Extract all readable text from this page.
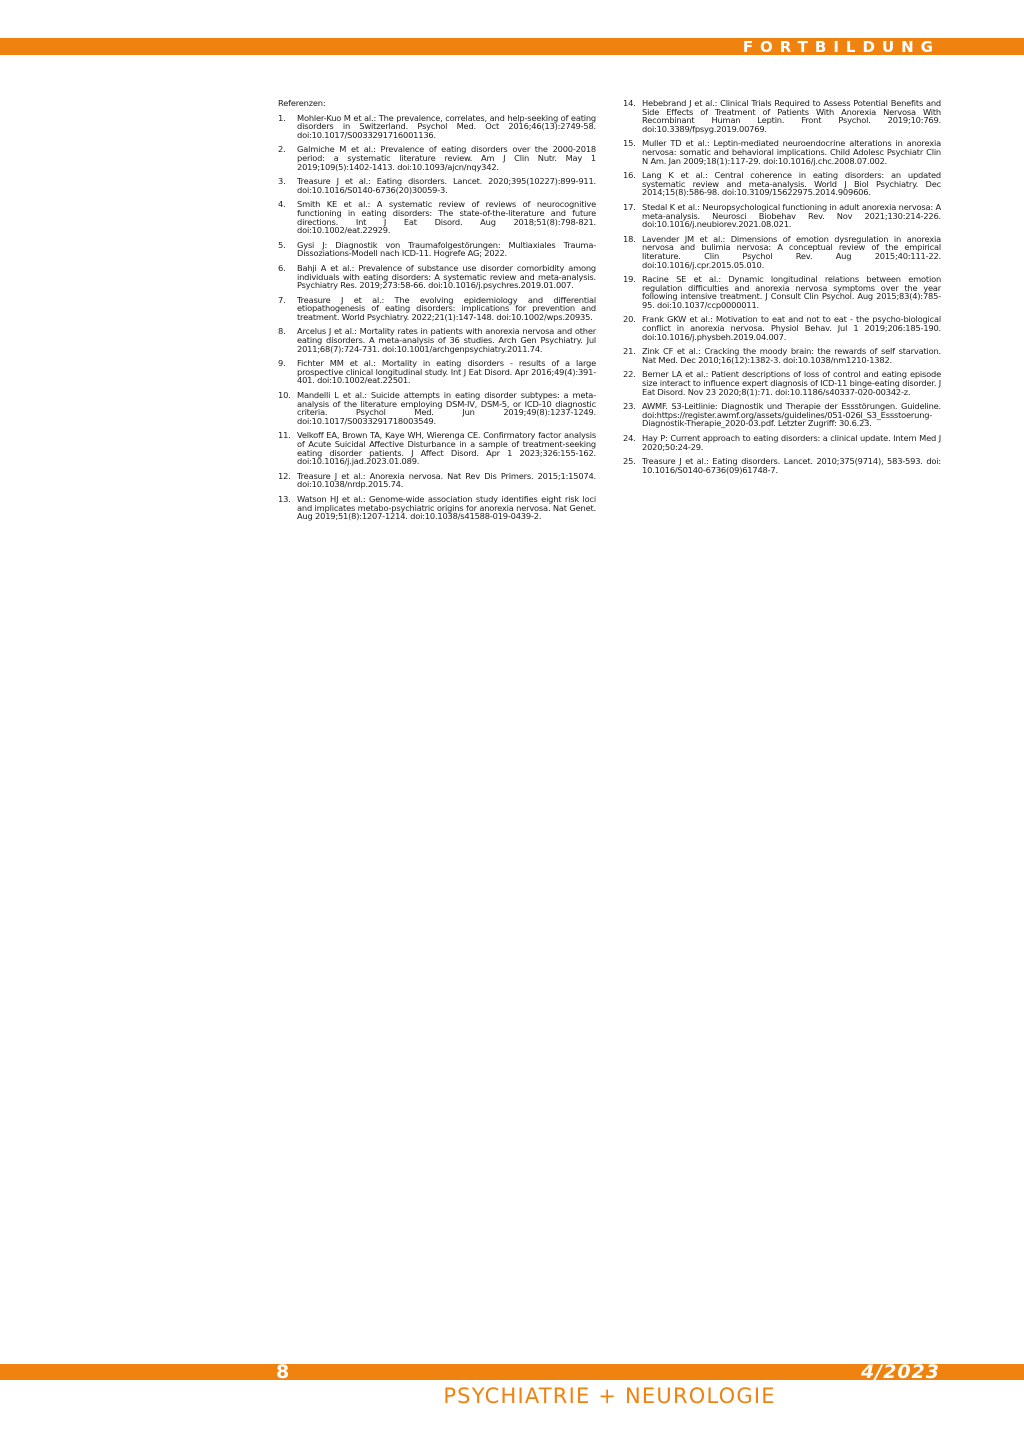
FORTBILDUNG
Referenzen:
1. Mohler-Kuo M et al.: The prevalence, correlates, and help-seeking of eating disorders in Switzerland. Psychol Med. Oct 2016;46(13):2749-58. doi:10.1017/S0033291716001136.
2. Galmiche M et al.: Prevalence of eating disorders over the 2000-2018 period: a systematic literature review. Am J Clin Nutr. May 1 2019;109(5):1402-1413. doi:10.1093/ajcn/nqy342.
3. Treasure J et al.: Eating disorders. Lancet. 2020;395(10227):899-911. doi:10.1016/S0140-6736(20)30059-3.
4. Smith KE et al.: A systematic review of reviews of neurocognitive functioning in eating disorders: The state-of-the-literature and future directions. Int J Eat Disord. Aug 2018;51(8):798-821. doi:10.1002/eat.22929.
5. Gysi J: Diagnostik von Traumafolgestörungen: Multiaxiales Trauma-Dissoziations-Modell nach ICD-11. Hogrefe AG; 2022.
6. Bahji A et al.: Prevalence of substance use disorder comorbidity among individuals with eating disorders: A systematic review and meta-analysis. Psychiatry Res. 2019;273:58-66. doi:10.1016/j.psychres.2019.01.007.
7. Treasure J et al.: The evolving epidemiology and differential etiopathogenesis of eating disorders: implications for prevention and treatment. World Psychiatry. 2022;21(1):147-148. doi:10.1002/wps.20935.
8. Arcelus J et al.: Mortality rates in patients with anorexia nervosa and other eating disorders. A meta-analysis of 36 studies. Arch Gen Psychiatry. Jul 2011;68(7):724-731. doi:10.1001/archgenpsychiatry.2011.74.
9. Fichter MM et al.: Mortality in eating disorders - results of a large prospective clinical longitudinal study. Int J Eat Disord. Apr 2016;49(4):391-401. doi:10.1002/eat.22501.
10. Mandelli L et al.: Suicide attempts in eating disorder subtypes: a meta-analysis of the literature employing DSM-IV, DSM-5, or ICD-10 diagnostic criteria. Psychol Med. Jun 2019;49(8):1237-1249. doi:10.1017/S0033291718003549.
11. Velkoff EA, Brown TA, Kaye WH, Wierenga CE. Confirmatory factor analysis of Acute Suicidal Affective Disturbance in a sample of treatment-seeking eating disorder patients. J Affect Disord. Apr 1 2023;326:155-162. doi:10.1016/j.jad.2023.01.089.
12. Treasure J et al.: Anorexia nervosa. Nat Rev Dis Primers. 2015;1:15074. doi:10.1038/nrdp.2015.74.
13. Watson HJ et al.: Genome-wide association study identifies eight risk loci and implicates metabo-psychiatric origins for anorexia nervosa. Nat Genet. Aug 2019;51(8):1207-1214. doi:10.1038/s41588-019-0439-2.
14. Hebebrand J et al.: Clinical Trials Required to Assess Potential Benefits and Side Effects of Treatment of Patients With Anorexia Nervosa With Recombinant Human Leptin. Front Psychol. 2019;10:769. doi:10.3389/fpsyg.2019.00769.
15. Muller TD et al.: Leptin-mediated neuroendocrine alterations in anorexia nervosa: somatic and behavioral implications. Child Adolesc Psychiatr Clin N Am. Jan 2009;18(1):117-29. doi:10.1016/j.chc.2008.07.002.
16. Lang K et al.: Central coherence in eating disorders: an updated systematic review and meta-analysis. World J Biol Psychiatry. Dec 2014;15(8):586-98. doi:10.3109/15622975.2014.909606.
17. Stedal K et al.: Neuropsychological functioning in adult anorexia nervosa: A meta-analysis. Neurosci Biobehav Rev. Nov 2021;130:214-226. doi:10.1016/j.neubiorev.2021.08.021.
18. Lavender JM et al.: Dimensions of emotion dysregulation in anorexia nervosa and bulimia nervosa: A conceptual review of the empirical literature. Clin Psychol Rev. Aug 2015;40:111-22. doi:10.1016/j.cpr.2015.05.010.
19. Racine SE et al.: Dynamic longitudinal relations between emotion regulation difficulties and anorexia nervosa symptoms over the year following intensive treatment. J Consult Clin Psychol. Aug 2015;83(4):785-95. doi:10.1037/ccp0000011.
20. Frank GKW et al.: Motivation to eat and not to eat - the psycho-biological conflict in anorexia nervosa. Physiol Behav. Jul 1 2019;206:185-190. doi:10.1016/j.physbeh.2019.04.007.
21. Zink CF et al.: Cracking the moody brain: the rewards of self starvation. Nat Med. Dec 2010;16(12):1382-3. doi:10.1038/nm1210-1382.
22. Berner LA et al.: Patient descriptions of loss of control and eating episode size interact to influence expert diagnosis of ICD-11 binge-eating disorder. J Eat Disord. Nov 23 2020;8(1):71. doi:10.1186/s40337-020-00342-z.
23. AWMF. S3-Leitlinie: Diagnostik und Therapie der Essstörungen. Guideline. doi:https://register.awmf.org/assets/guidelines/051-026l_S3_Essstoerung-Diagnostik-Therapie_2020-03.pdf. Letzter Zugriff: 30.6.23.
24. Hay P: Current approach to eating disorders: a clinical update. Intern Med J 2020;50:24-29.
25. Treasure J et al.: Eating disorders. Lancet. 2010;375(9714), 583-593. doi: 10.1016/S0140-6736(09)61748-7.
8	4/2023
PSYCHIATRIE + NEUROLOGIE
